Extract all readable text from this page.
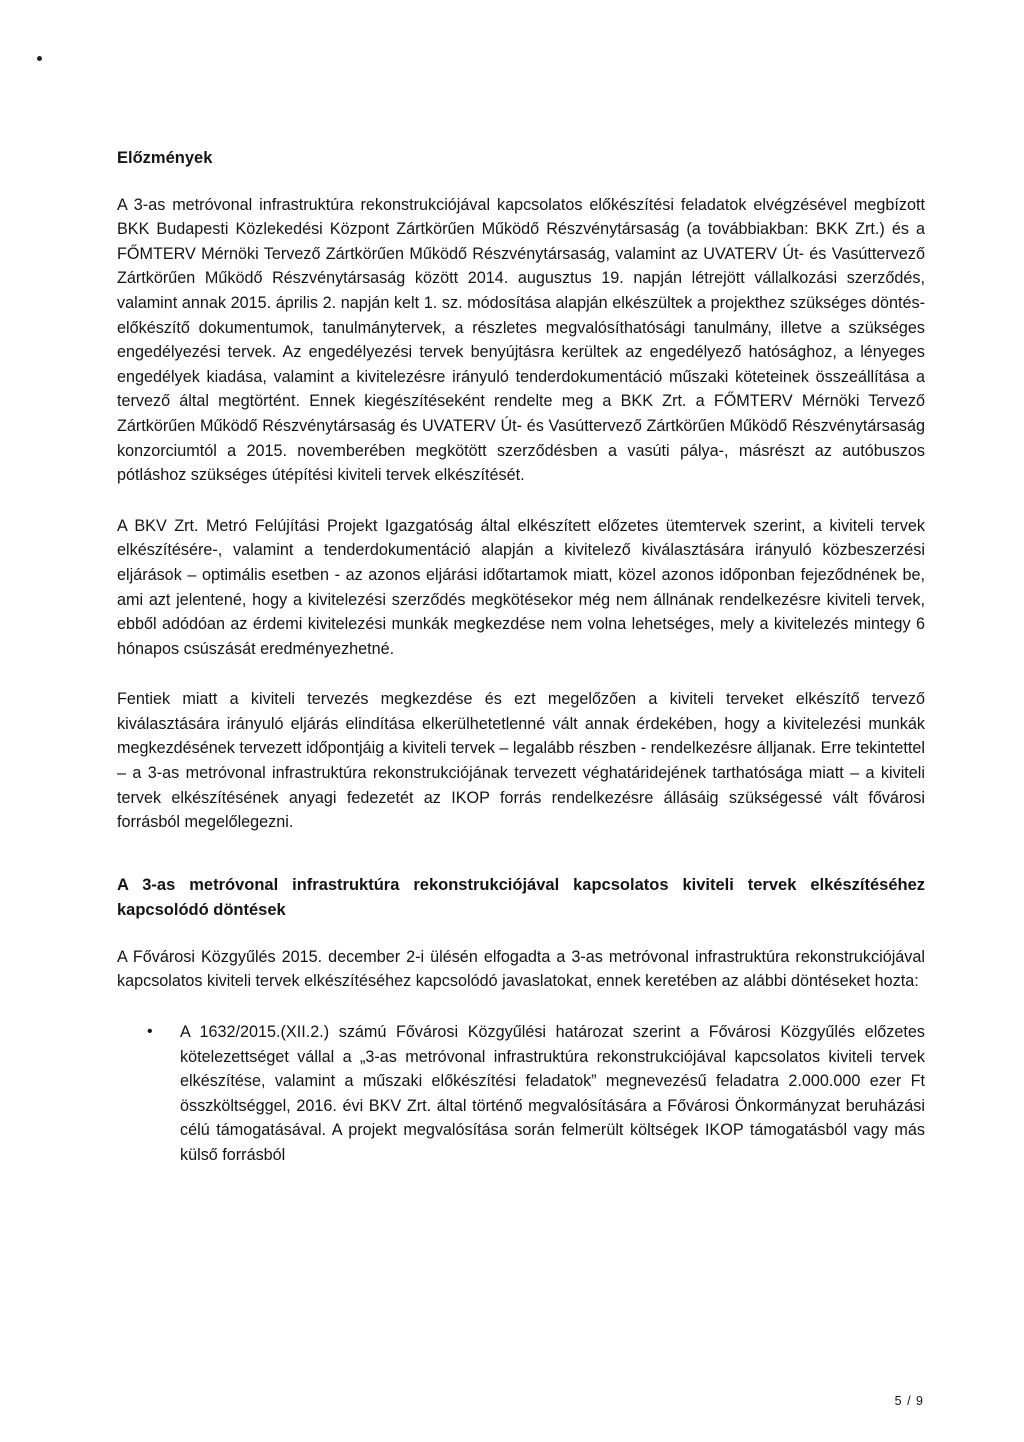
Előzmények

A 3-as metróvonal infrastruktúra rekonstrukciójával kapcsolatos előkészítési feladatok elvégzésével megbízott BKK Budapesti Közlekedési Központ Zártkörűen Működő Részvénytársaság (a továbbiakban: BKK Zrt.) és a FŐMTERV Mérnöki Tervező Zártkörűen Működő Részvénytársaság, valamint az UVATERV Út- és Vasúttervező Zártkörűen Működő Részvénytársaság között 2014. augusztus 19. napján létrejött vállalkozási szerződés, valamint annak 2015. április 2. napján kelt 1. sz. módosítása alapján elkészültek a projekthez szükséges döntés-előkészítő dokumentumok, tanulmánytervek, a részletes megvalósíthatósági tanulmány, illetve a szükséges engedélyezési tervek. Az engedélyezési tervek benyújtásra kerültek az engedélyező hatósághoz, a lényeges engedélyek kiadása, valamint a kivitelezésre irányuló tenderdokumentáció műszaki köteteinek összeállítása a tervező által megtörtént. Ennek kiegészítéseként rendelte meg a BKK Zrt. a FŐMTERV Mérnöki Tervező Zártkörűen Működő Részvénytársaság és UVATERV Út- és Vasúttervező Zártkörűen Működő Részvénytársaság konzorciumtól a 2015. novemberében megkötött szerződésben a vasúti pálya-, másrészt az autóbuszos pótláshoz szükséges útépítési kiviteli tervek elkészítését.

A BKV Zrt. Metró Felújítási Projekt Igazgatóság által elkészített előzetes ütemtervek szerint, a kiviteli tervek elkészítésére-, valamint a tenderdokumentáció alapján a kivitelező kiválasztására irányuló közbeszerzési eljárások – optimális esetben - az azonos eljárási időtartamok miatt, közel azonos időponban fejeződnének be, ami azt jelentené, hogy a kivitelezési szerződés megkötésekor még nem állnának rendelkezésre kiviteli tervek, ebből adódóan az érdemi kivitelezési munkák megkezdése nem volna lehetséges, mely a kivitelezés mintegy 6 hónapos csúszását eredményezhetné.

Fentiek miatt a kiviteli tervezés megkezdése és ezt megelőzően a kiviteli terveket elkészítő tervező kiválasztására irányuló eljárás elindítása elkerülhetetlenné vált annak érdekében, hogy a kivitelezési munkák megkezdésének tervezett időpontjáig a kiviteli tervek – legalább részben - rendelkezésre álljanak. Erre tekintettel – a 3-as metróvonal infrastruktúra rekonstrukciójának tervezett véghatáridejének tarthatósága miatt – a kiviteli tervek elkészítésének anyagi fedezetét az IKOP forrás rendelkezésre állásáig szükségessé vált fővárosi forrásból megelőlegezni.

A 3-as metróvonal infrastruktúra rekonstrukciójával kapcsolatos kiviteli tervek elkészítéséhez kapcsolódó döntések

A Fővárosi Közgyűlés 2015. december 2-i ülésén elfogadta a 3-as metróvonal infrastruktúra rekonstrukciójával kapcsolatos kiviteli tervek elkészítéséhez kapcsolódó javaslatokat, ennek keretében az alábbi döntéseket hozta:

• A 1632/2015.(XII.2.) számú Fővárosi Közgyűlési határozat szerint a Fővárosi Közgyűlés előzetes kötelezettséget vállal a „3-as metróvonal infrastruktúra rekonstrukciójával kapcsolatos kiviteli tervek elkészítése, valamint a műszaki előkészítési feladatok” megnevezésű feladatra 2.000.000 ezer Ft összköltséggel, 2016. évi BKV Zrt. által történő megvalósítására a Fővárosi Önkormányzat beruházási célú támogatásával. A projekt megvalósítása során felmerült költségek IKOP támogatásból vagy más külső forrásból
5 / 9
